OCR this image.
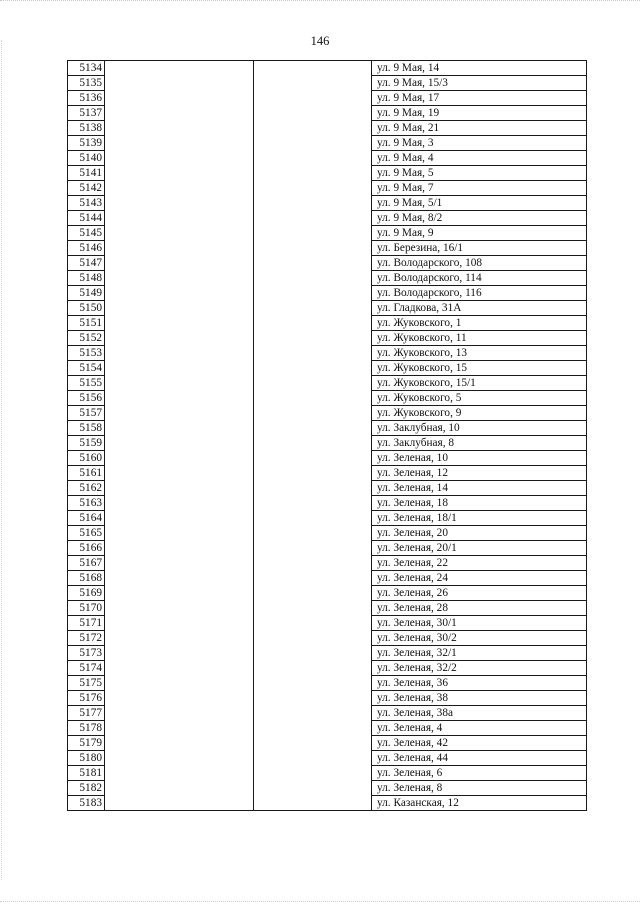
146
5134			ул. 9 Мая, 14
5135			ул. 9 Мая, 15/3
5136			ул. 9 Мая, 17
5137			ул. 9 Мая, 19
5138			ул. 9 Мая, 21
5139			ул. 9 Мая, 3
5140			ул. 9 Мая, 4
5141			ул. 9 Мая, 5
5142			ул. 9 Мая, 7
5143			ул. 9 Мая, 5/1
5144			ул. 9 Мая, 8/2
5145			ул. 9 Мая, 9
5146			ул. Березина, 16/1
5147			ул. Володарского, 108
5148			ул. Володарского, 114
5149			ул. Володарского, 116
5150			ул. Гладкова, 31А
5151			ул. Жуковского, 1
5152			ул. Жуковского, 11
5153			ул. Жуковского, 13
5154			ул. Жуковского, 15
5155			ул. Жуковского, 15/1
5156			ул. Жуковского, 5
5157			ул. Жуковского, 9
5158			ул. Заклубная, 10
5159			ул. Заклубная, 8
5160			ул. Зеленая, 10
5161			ул. Зеленая, 12
5162			ул. Зеленая, 14
5163			ул. Зеленая, 18
5164			ул. Зеленая, 18/1
5165			ул. Зеленая, 20
5166			ул. Зеленая, 20/1
5167			ул. Зеленая, 22
5168			ул. Зеленая, 24
5169			ул. Зеленая, 26
5170			ул. Зеленая, 28
5171			ул. Зеленая, 30/1
5172			ул. Зеленая, 30/2
5173			ул. Зеленая, 32/1
5174			ул. Зеленая, 32/2
5175			ул. Зеленая, 36
5176			ул. Зеленая, 38
5177			ул. Зеленая, 38а
5178			ул. Зеленая, 4
5179			ул. Зеленая, 42
5180			ул. Зеленая, 44
5181			ул. Зеленая, 6
5182			ул. Зеленая, 8
5183			ул. Казанская, 12
